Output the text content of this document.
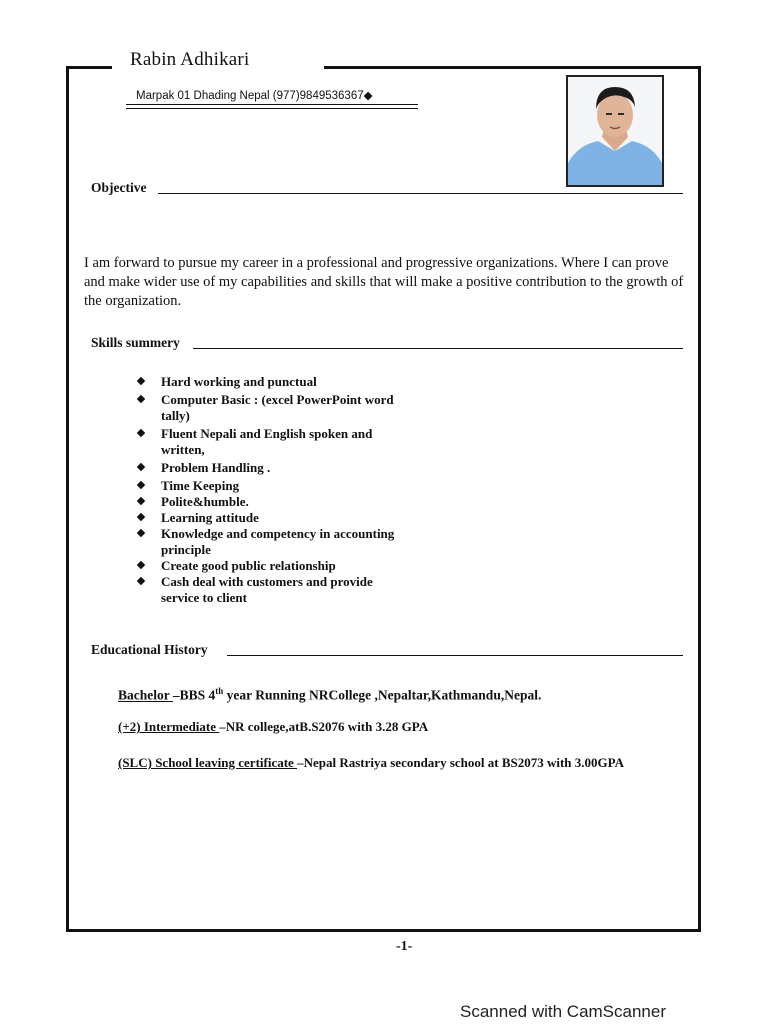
Rabin Adhikari
Marpak 01 Dhading Nepal (977)9849536367◆
Objective
I am forward to pursue my career in a professional and progressive organizations. Where I can prove and make wider use of my capabilities and skills that will make a positive contribution to the growth of the organization.
Skills summery
Hard working and punctual
Computer Basic : (excel PowerPoint word tally)
Fluent Nepali and English spoken and written,
Problem Handling .
Time Keeping
Polite&humble.
Learning attitude
Knowledge and competency in accounting principle
Create good public relationship
Cash deal with customers and provide service to client
Educational History
Bachelor –BBS 4th year Running NRCollege ,Nepaltar,Kathmandu,Nepal.
(+2) Intermediate –NR college,atB.S2076 with 3.28 GPA
(SLC) School leaving certificate –Nepal Rastriya secondary school at BS2073 with 3.00GPA
-1-
Scanned with CamScanner
